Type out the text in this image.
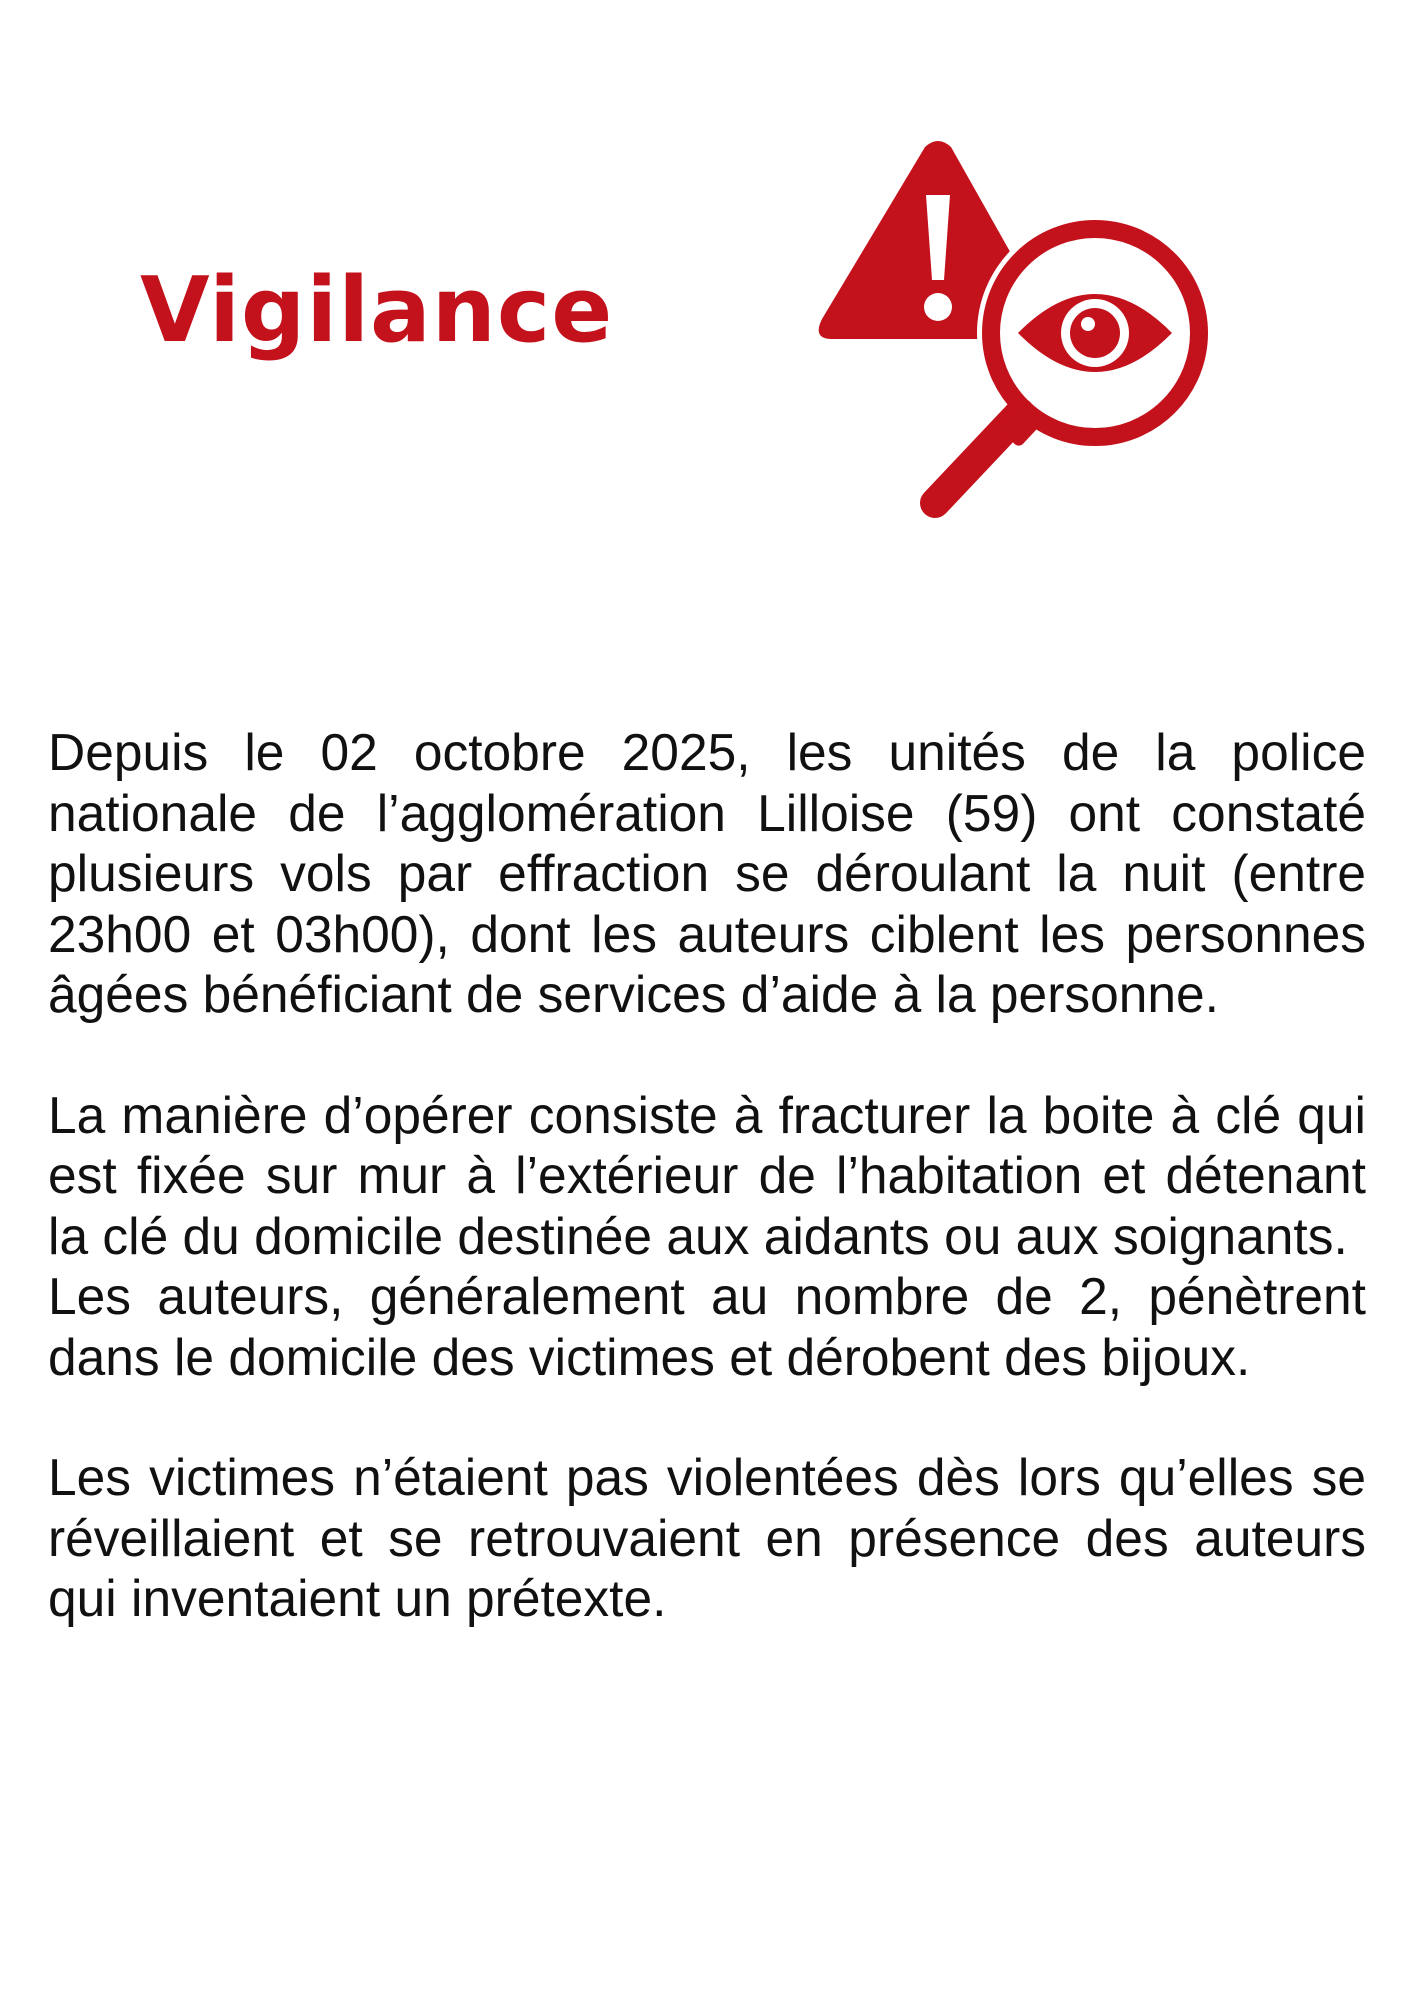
Vigilance

Depuis le 02 octobre 2025, les unités de la police nationale de l’agglomération Lilloise (59) ont constaté plusieurs vols par effraction se déroulant la nuit (entre 23h00 et 03h00), dont les auteurs ciblent les personnes âgées bénéficiant de services d’aide à la personne.

La manière d’opérer consiste à fracturer la boite à clé qui est fixée sur mur à l’extérieur de l’habitation et détenant la clé du domicile destinée aux aidants ou aux soignants.

Les auteurs, généralement au nombre de 2, pénètrent dans le domicile des victimes et dérobent des bijoux.

Les victimes n’étaient pas violentées dès lors qu’elles se réveillaient et se retrouvaient en présence des auteurs qui inventaient un prétexte.
